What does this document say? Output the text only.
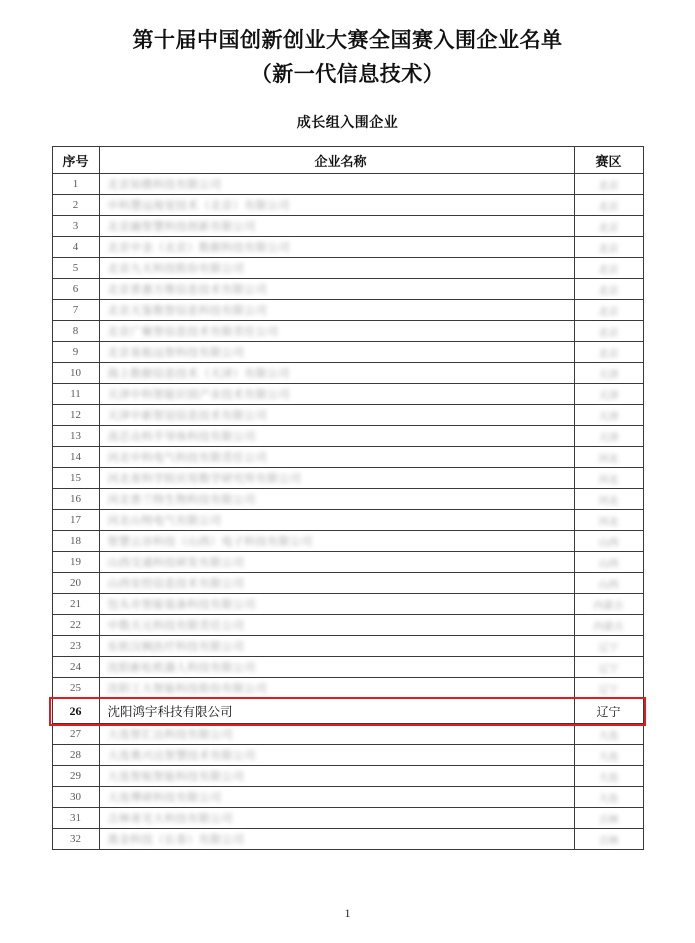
第十届中国创新创业大赛全国赛入围企业名单
（新一代信息技术）
成长组入围企业
序号	企业名称	赛区
1	北京知微科技有限公司	北京

2	中科慧远视觉技术（北京）有限公司	北京

3	北京融智慧科技创新有限公司	北京

4	北京中金（北京）数据科技有限公司	北京

5	北京九天科技股份有限公司	北京

6	北京普惠万维信息技术有限公司	北京

7	北京天鉴数智信息科技有限公司	北京

8	北京广聚智信息技术有限责任公司	北京

9	北京易航远智科技有限公司	北京

10	海上数据信息技术（天津）有限公司	天津

11	天津中科智能识别产业技术有限公司	天津

12	天津中新智冠信息技术有限公司	天津

13	高芯众科半导体科技有限公司	天津

14	河北中科电气科技有限责任公司	河北

15	河北省科学院应用数学研究所有限公司	河北

16	河北普兰特生物科技有限公司	河北

17	河北山特电气有限公司	河北

18	智慧云谷科技（山西）电子科技有限公司	山西

19	山西交通科技研发有限公司	山西

20	山西安控信息技术有限公司	山西

21	包头市智能装备科技有限公司	内蒙古

22	中数天元科技有限责任公司	内蒙古

23	东软汉枫医疗科技有限公司	辽宁

24	沈阳新松机器人科技有限公司	辽宁

25	沈阳工大智能科技股份有限公司	辽宁

26	沈阳鸿宇科技有限公司	辽宁
27	大连智汇达科技有限公司	大连

28	大连奥兴达智慧技术有限公司	大连

29	大连智航智能科技有限公司	大连

30	大连博研科技有限公司	大连

31	吉林省光大科技有限公司	吉林

32	黑金科技（长春）有限公司	吉林
1
